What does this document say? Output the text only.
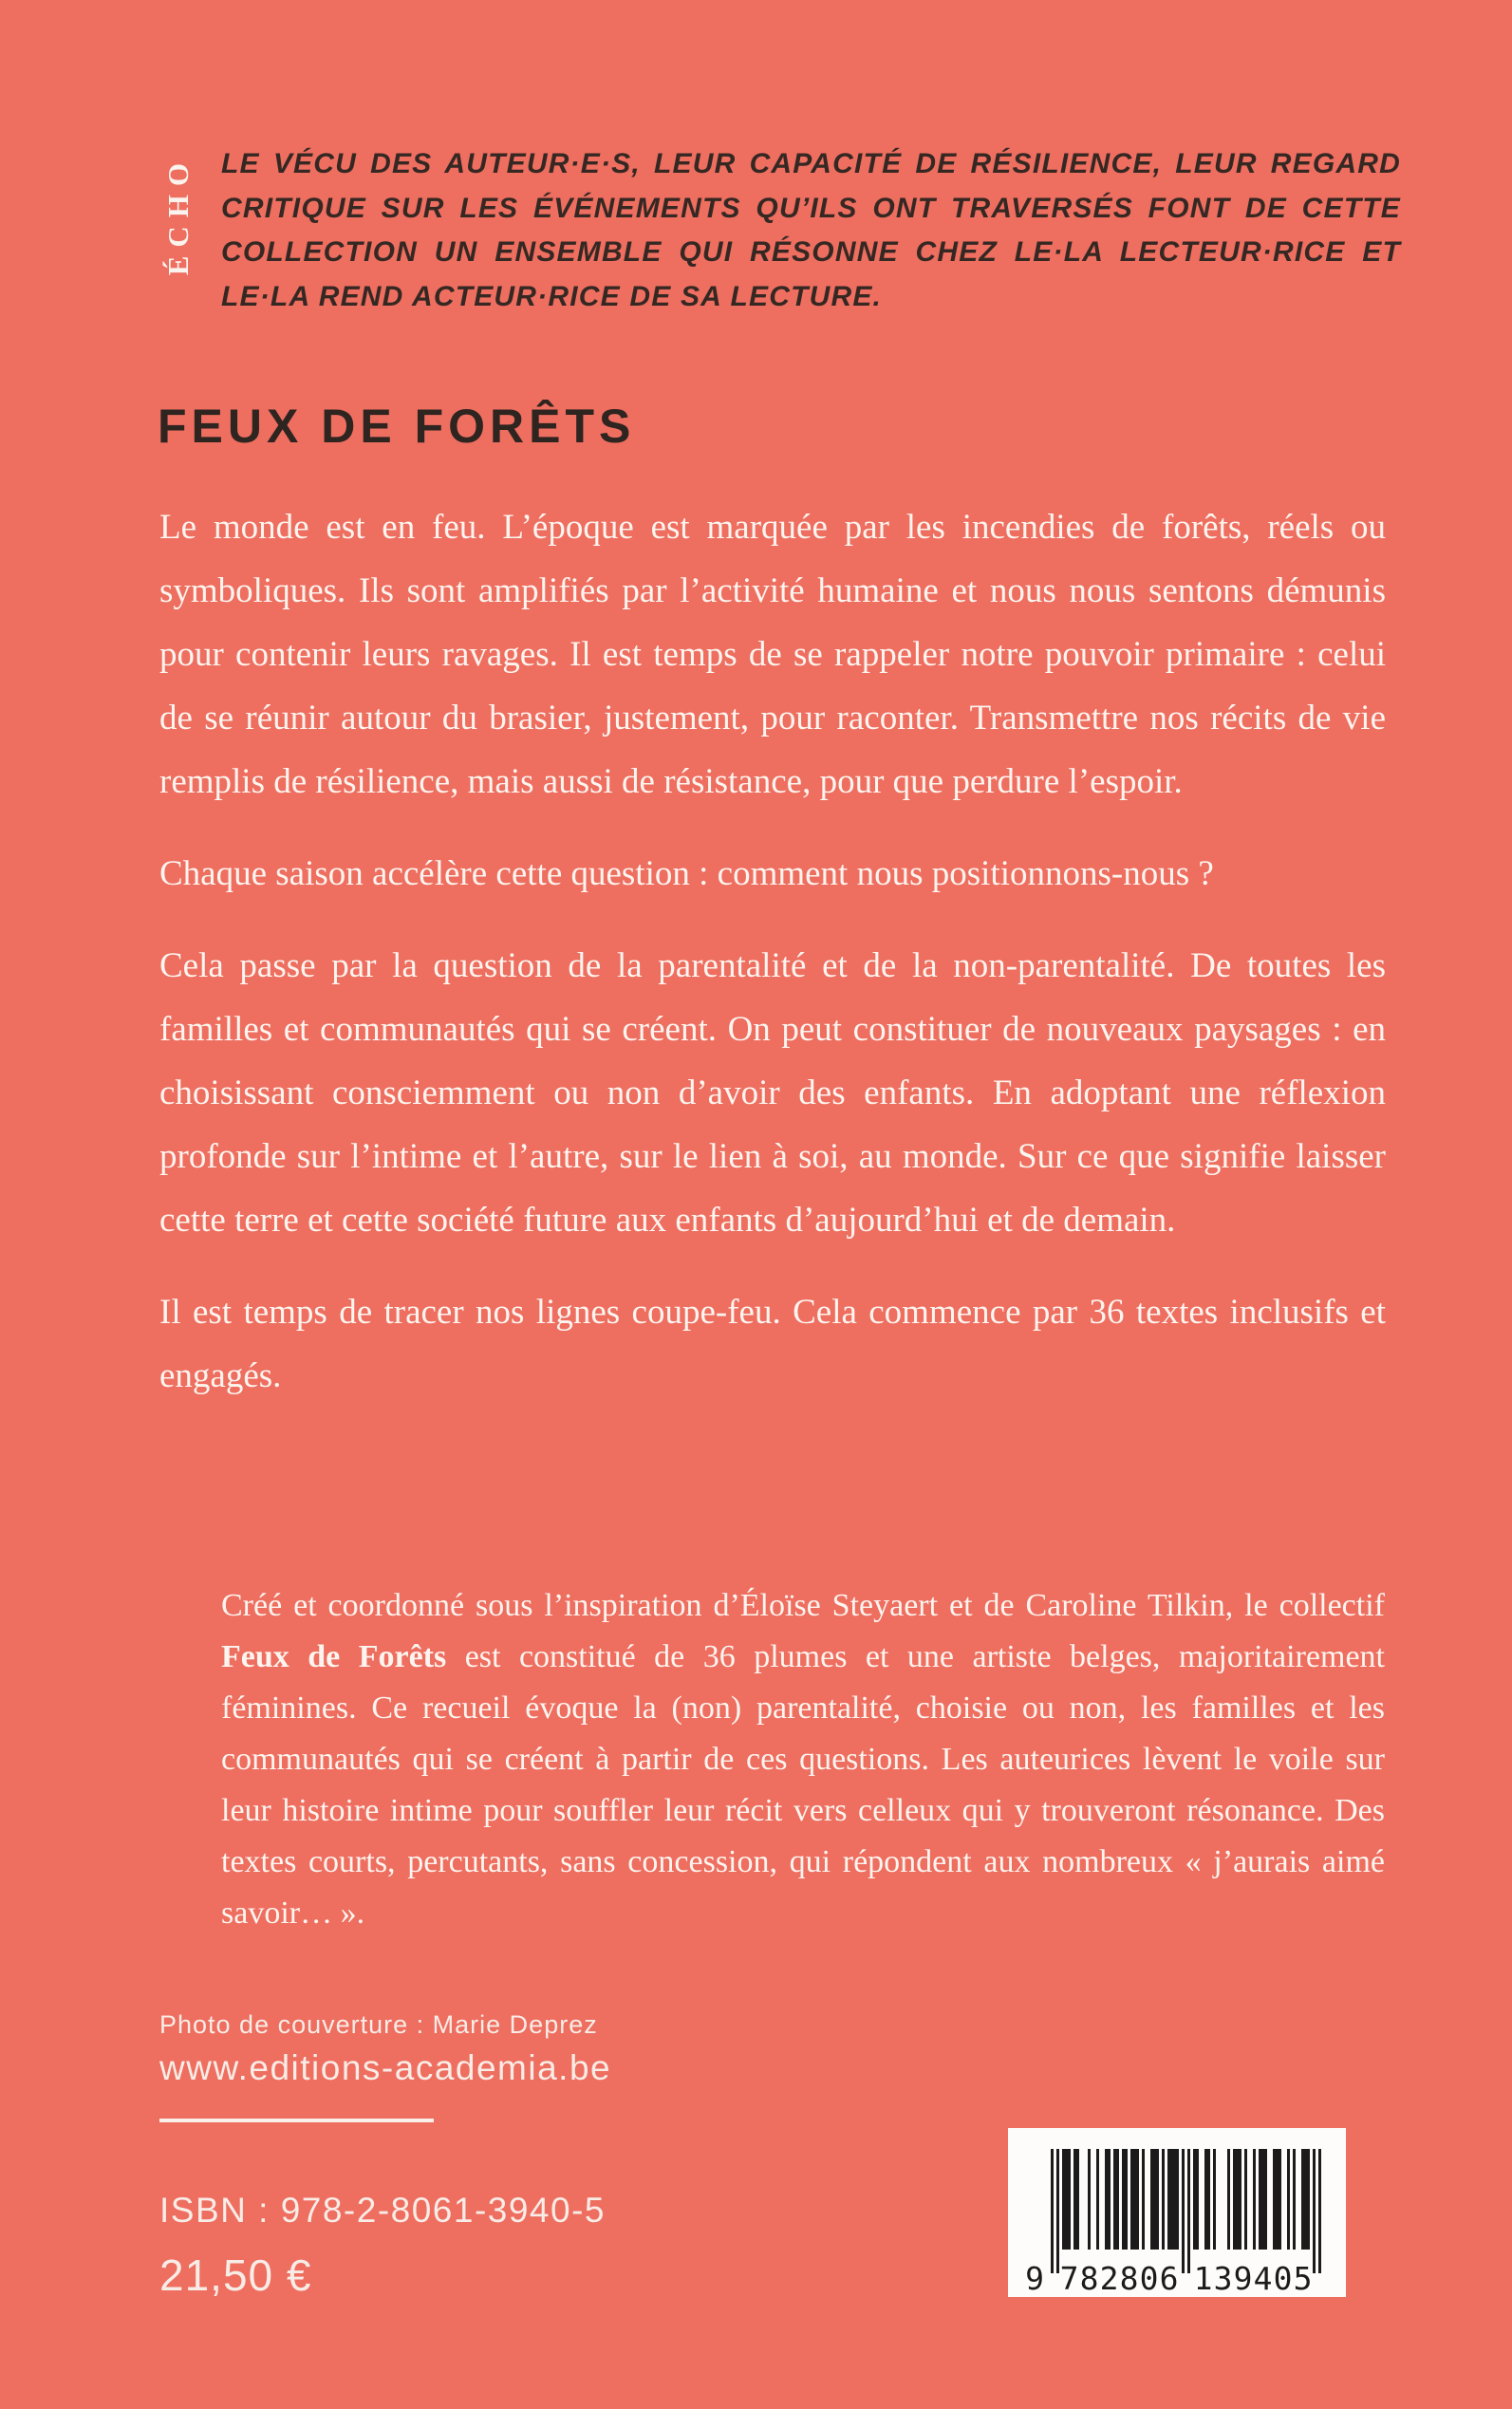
ÉCHO LE VÉCU DES AUTEUR·E·S, LEUR CAPACITÉ DE RÉSILIENCE, LEUR REGARD CRITIQUE SUR LES ÉVÉNEMENTS QU’ILS ONT TRAVERSÉS FONT DE CETTE COLLECTION UN ENSEMBLE QUI RÉSONNE CHEZ LE·LA LECTEUR·RICE ET LE·LA REND ACTEUR·RICE DE SA LECTURE.

FEUX DE FORÊTS

Le monde est en feu. L’époque est marquée par les incendies de forêts, réels ou symboliques. Ils sont amplifiés par l’activité humaine et nous nous sentons démunis pour contenir leurs ravages. Il est temps de se rappeler notre pouvoir primaire : celui de se réunir autour du brasier, justement, pour raconter. Transmettre nos récits de vie remplis de résilience, mais aussi de résistance, pour que perdure l’espoir.

Chaque saison accélère cette question : comment nous positionnons-nous ?

Cela passe par la question de la parentalité et de la non-parentalité. De toutes les familles et communautés qui se créent. On peut constituer de nouveaux paysages : en choisissant consciemment ou non d’avoir des enfants. En adoptant une réflexion profonde sur l’intime et l’autre, sur le lien à soi, au monde. Sur ce que signifie laisser cette terre et cette société future aux enfants d’aujourd’hui et de demain.

Il est temps de tracer nos lignes coupe-feu. Cela commence par 36 textes inclusifs et engagés.

Créé et coordonné sous l’inspiration d’Éloïse Steyaert et de Caroline Tilkin, le collectif Feux de Forêts est constitué de 36 plumes et une artiste belges, majoritairement féminines. Ce recueil évoque la (non) parentalité, choisie ou non, les familles et les communautés qui se créent à partir de ces questions. Les auteurices lèvent le voile sur leur histoire intime pour souffler leur récit vers celleux qui y trouveront résonance. Des textes courts, percutants, sans concession, qui répondent aux nombreux « j’aurais aimé savoir… ».

Photo de couverture : Marie Deprez

www.editions-academia.be

ISBN : 978-2-8061-3940-5

21,50 €	9 7	1
8	3
2	9
8	4
0	0
6	5
